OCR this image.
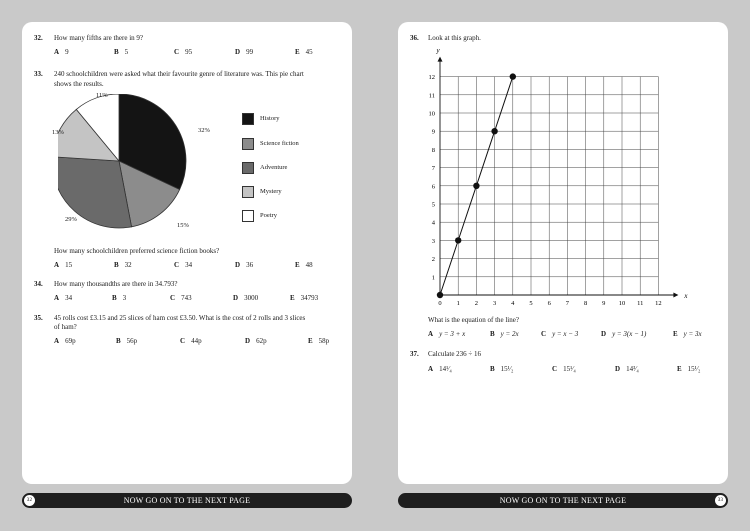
32. How many fifths are there in 9?
A 9	B 5	C 95	D 99	E 45
33. 240 schoolchildren were asked what their favourite genre of literature was. This pie chart
shows the results.
11%
32%
13%
29%
15%
History
Science fiction
Adventure
Mystery
Poetry
How many schoolchildren preferred science fiction books?
A 15	B 32	C 34	D 36	E 48
34. How many thousandths are there in 34.793?
A 34	B 3	C 743	D 3000	E 34793
35. 45 rolls cost £3.15 and 25 slices of ham cost £3.50. What is the cost of 2 rolls and 3 slices
of ham?
A 69p	B 56p	C 44p	D 62p	E 58p
36. Look at this graph.
x
y
0 1 2 3 4 5 6 7 8 9 10 11 12
1
2
3
4
5
6
7
8
9
10
11
12
What is the equation of the line?
A y = 3 + x	B y = 2x	C y = x − 3	D y = 3(x − 1)	E y = 3x
37. Calculate 236 ÷ 16
A 14¹⁄₄	B 15¹⁄₂	C 15¹⁄₄	D 14³⁄₄	E 15¹⁄₂
32	NOW GO ON TO THE NEXT PAGE	NOW GO ON TO THE NEXT PAGE	33
